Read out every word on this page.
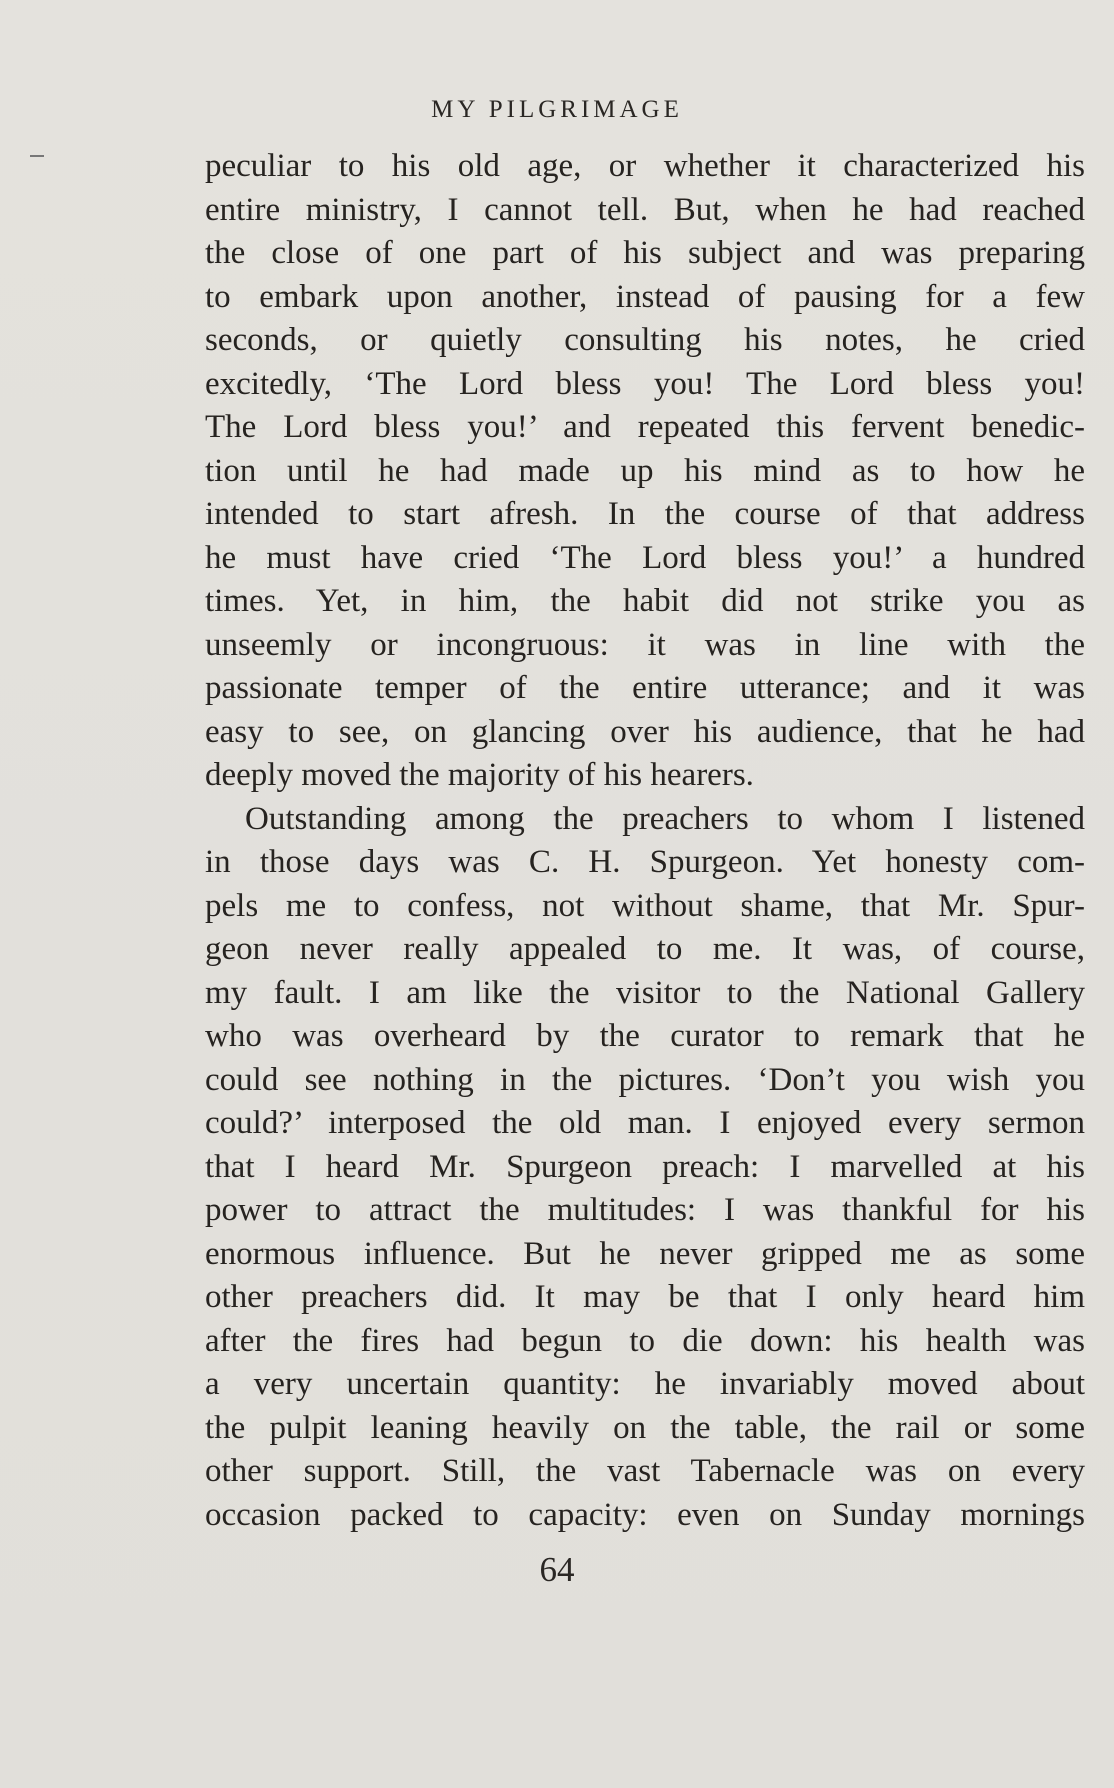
MY PILGRIMAGE
peculiar to his old age, or whether it characterized his
entire ministry, I cannot tell. But, when he had reached
the close of one part of his subject and was preparing
to embark upon another, instead of pausing for a few
seconds, or quietly consulting his notes, he cried
excitedly, ‘The Lord bless you! The Lord bless you!
The Lord bless you!’ and repeated this fervent benedic-
tion until he had made up his mind as to how he
intended to start afresh. In the course of that address
he must have cried ‘The Lord bless you!’ a hundred
times. Yet, in him, the habit did not strike you as
unseemly or incongruous: it was in line with the
passionate temper of the entire utterance; and it was
easy to see, on glancing over his audience, that he had
deeply moved the majority of his hearers.
Outstanding among the preachers to whom I listened
in those days was C. H. Spurgeon. Yet honesty com-
pels me to confess, not without shame, that Mr. Spur-
geon never really appealed to me. It was, of course,
my fault. I am like the visitor to the National Gallery
who was overheard by the curator to remark that he
could see nothing in the pictures. ‘Don’t you wish you
could?’ interposed the old man. I enjoyed every sermon
that I heard Mr. Spurgeon preach: I marvelled at his
power to attract the multitudes: I was thankful for his
enormous influence. But he never gripped me as some
other preachers did. It may be that I only heard him
after the fires had begun to die down: his health was
a very uncertain quantity: he invariably moved about
the pulpit leaning heavily on the table, the rail or some
other support. Still, the vast Tabernacle was on every
occasion packed to capacity: even on Sunday mornings
64
